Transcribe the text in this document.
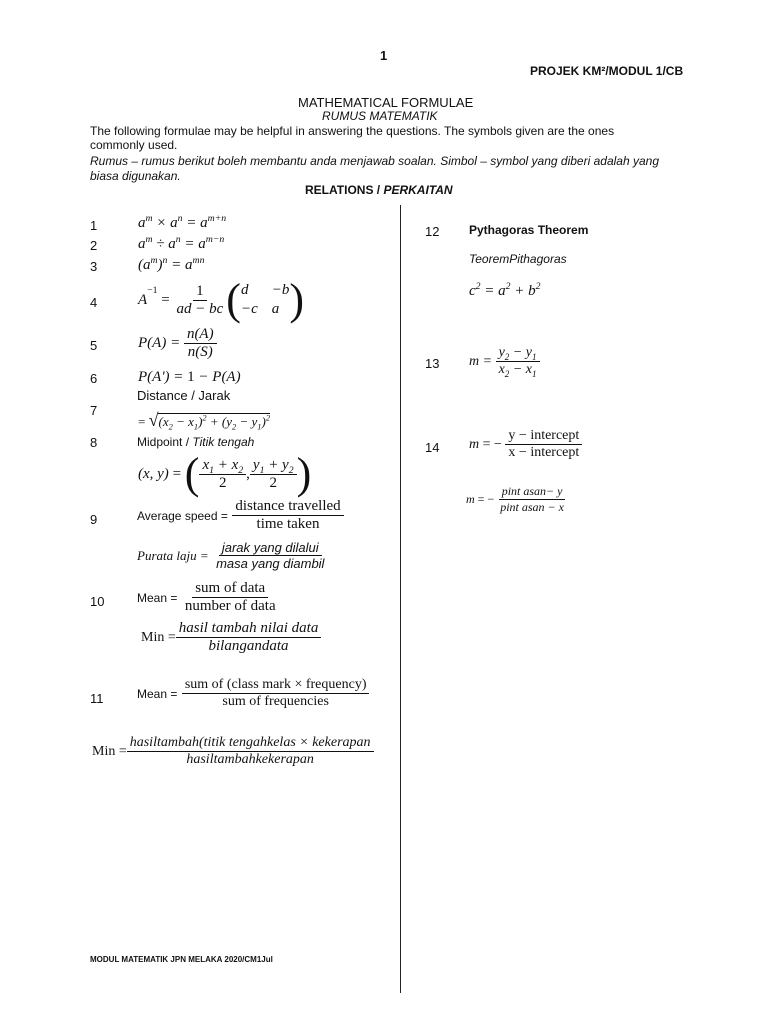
1
PROJEK KM²/MODUL 1/CB
MATHEMATICAL FORMULAE
RUMUS MATEMATIK
The following formulae may be helpful in answering the questions. The symbols given are the ones commonly used.
Rumus – rumus berikut boleh membantu anda menjawab soalan. Simbol – symbol yang diberi adalah yang biasa digunakan.
RELATIONS / PERKAITAN
1	$a^m \times a^n = a^{m+n}$
2	$a^m \div a^n = a^{m-n}$
3	$(a^m)^n = a^{mn}$
4	A
$^{-1}$
= $\frac{1}{ad - bc}$ ( d	−b
−c a )
5	$P(A) = \frac{n(A)}{n(S)}$
6	P(A') = 1 − P(A)
Distance / Jarak
7
= $√(x_2 - x_1)^2 + (y_2 - y_1)^2$
8	Midpoint / Titik tengah
(x, y) = ( $\frac{x_1 + x_2}{2}$ , $\frac{y_1 + y_2}{2}$ )
9	Average speed =
$\frac{\text{distance travelled}}{\text{time taken}}$
Purata laju =
$\frac{\text{jarak yang dilalui}}{\text{masa yang diambil}}$
10	Mean =
$\frac{\text{sum of data}}{\text{number of data}}$
Min = $\frac{\text{hasil tambah nilai data}}{\text{bilangandata}}$
11	Mean =
$\frac{\text{sum of (class mark × frequency)}}{\text{sum of frequencies}}$
Min = $\frac{\text{hasiltambah(titik tengahkelas × kekerapan}}{\text{hasiltambahkekerapan}}$
12 Pythagoras Theorem
TeoremPithagoras
$c^2 = a^2 + b^2$
13 $m = \frac{y_2 - y_1}{x_2 - x_1}$
14 m = − $\frac{\text{y − intercept}}{\text{x − intercept}}$
m = − $\frac{\text{pint asan− y}}{\text{pint asan − x}}$
MODUL MATEMATIK JPN MELAKA 2020/CM1Jul
